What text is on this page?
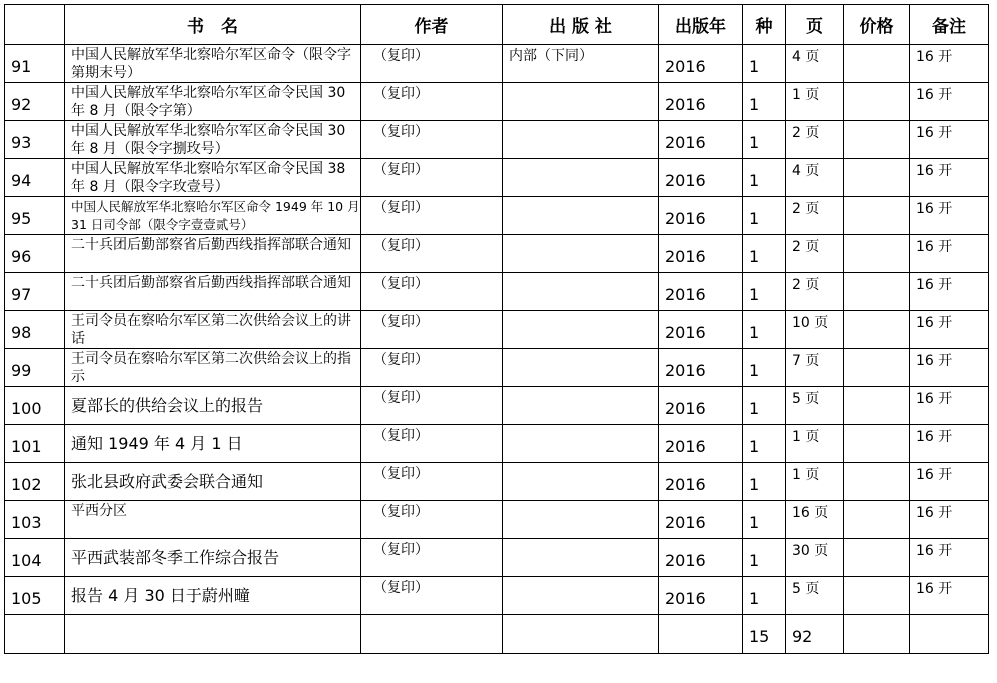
	书　名	作者	出 版 社	出版年	种	页	价格	备注
91	中国人民解放军华北察哈尔军区命令（限令字第期末号）	（复印）	内部（下同）	2016	1	4 页		16 开
92	中国人民解放军华北察哈尔军区命令民国 30 年 8 月（限令字第）	（复印）		2016	1	1 页		16 开
93	中国人民解放军华北察哈尔军区命令民国 30 年 8 月（限令字捌玫号）	（复印）		2016	1	2 页		16 开
94	中国人民解放军华北察哈尔军区命令民国 38 年 8 月（限令字玫壹号）	（复印）		2016	1	4 页		16 开
95	中国人民解放军华北察哈尔军区命令 1949 年 10 月 31 日司令部（限令字壹壹贰号）	（复印）		2016	1	2 页		16 开
96	二十兵团后勤部察省后勤西线指挥部联合通知	（复印）		2016	1	2 页		16 开
97	二十兵团后勤部察省后勤西线指挥部联合通知	（复印）		2016	1	2 页		16 开
98	王司令员在察哈尔军区第二次供给会议上的讲话	（复印）		2016	1	10 页		16 开
99	王司令员在察哈尔军区第二次供给会议上的指示	（复印）		2016	1	7 页		16 开
100	夏部长的供给会议上的报告	（复印）		2016	1	5 页		16 开
101	通知 1949 年 4 月 1 日	（复印）		2016	1	1 页		16 开
102	张北县政府武委会联合通知	（复印）		2016	1	1 页		16 开
103	平西分区	（复印）		2016	1	16 页		16 开
104	平西武装部冬季工作综合报告	（复印）		2016	1	30 页		16 开
105	报告 4 月 30 日于蔚州疃	（复印）		2016	1	5 页		16 开
					15	92		
